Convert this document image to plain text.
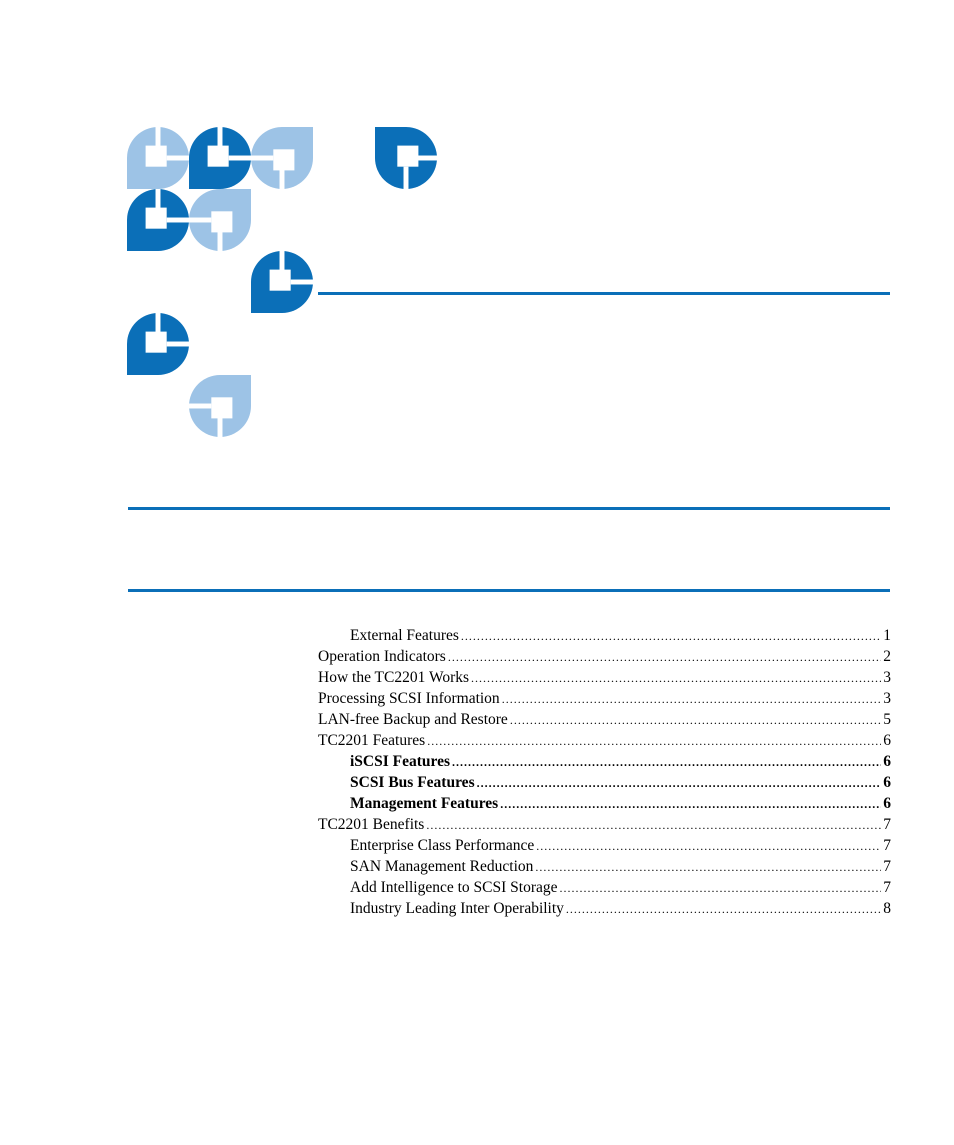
External Features .....	1
Operation Indicators .....	2
How the TC2201 Works .....	3
Processing SCSI Information .....	3
LAN-free Backup and Restore .....	5
TC2201 Features .....	6
iSCSI Features .....	6
SCSI Bus Features .....	6
Management Features .....	6
TC2201 Benefits .....	7
Enterprise Class Performance .....	7
SAN Management Reduction .....	7
Add Intelligence to SCSI Storage .....	7
Industry Leading Inter Operability .....	8
